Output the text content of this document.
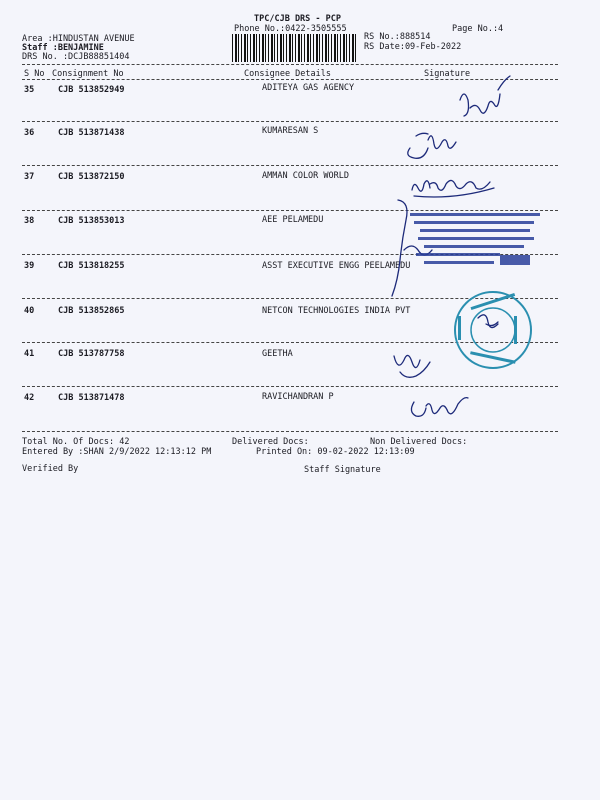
TPC/CJB DRS - PCP
Phone No.:0422-3505555	Page No.:4
Area :HINDUSTAN AVENUE
Staff :BENJAMINE
DRS No. :DCJB88851404
RS No.:888514
RS Date:09-Feb-2022
S No Consignment No	Consignee Details	Signature
35	CJB 513852949	ADITEYA GAS AGENCY
36	CJB 513871438	KUMARESAN S
37	CJB 513872150	AMMAN COLOR WORLD
38	CJB 513853013	AEE PELAMEDU
39	CJB 513818255	ASST EXECUTIVE ENGG PEELAMEDU
40	CJB 513852865	NETCON TECHNOLOGIES INDIA PVT
41	CJB 513787758	GEETHA
42	CJB 513871478	RAVICHANDRAN P
Total No. Of Docs: 42	Delivered Docs:	Non Delivered Docs:
Entered By :SHAN 2/9/2022 12:13:12 PM	Printed On: 09-02-2022 12:13:09
Verified By	Staff Signature
